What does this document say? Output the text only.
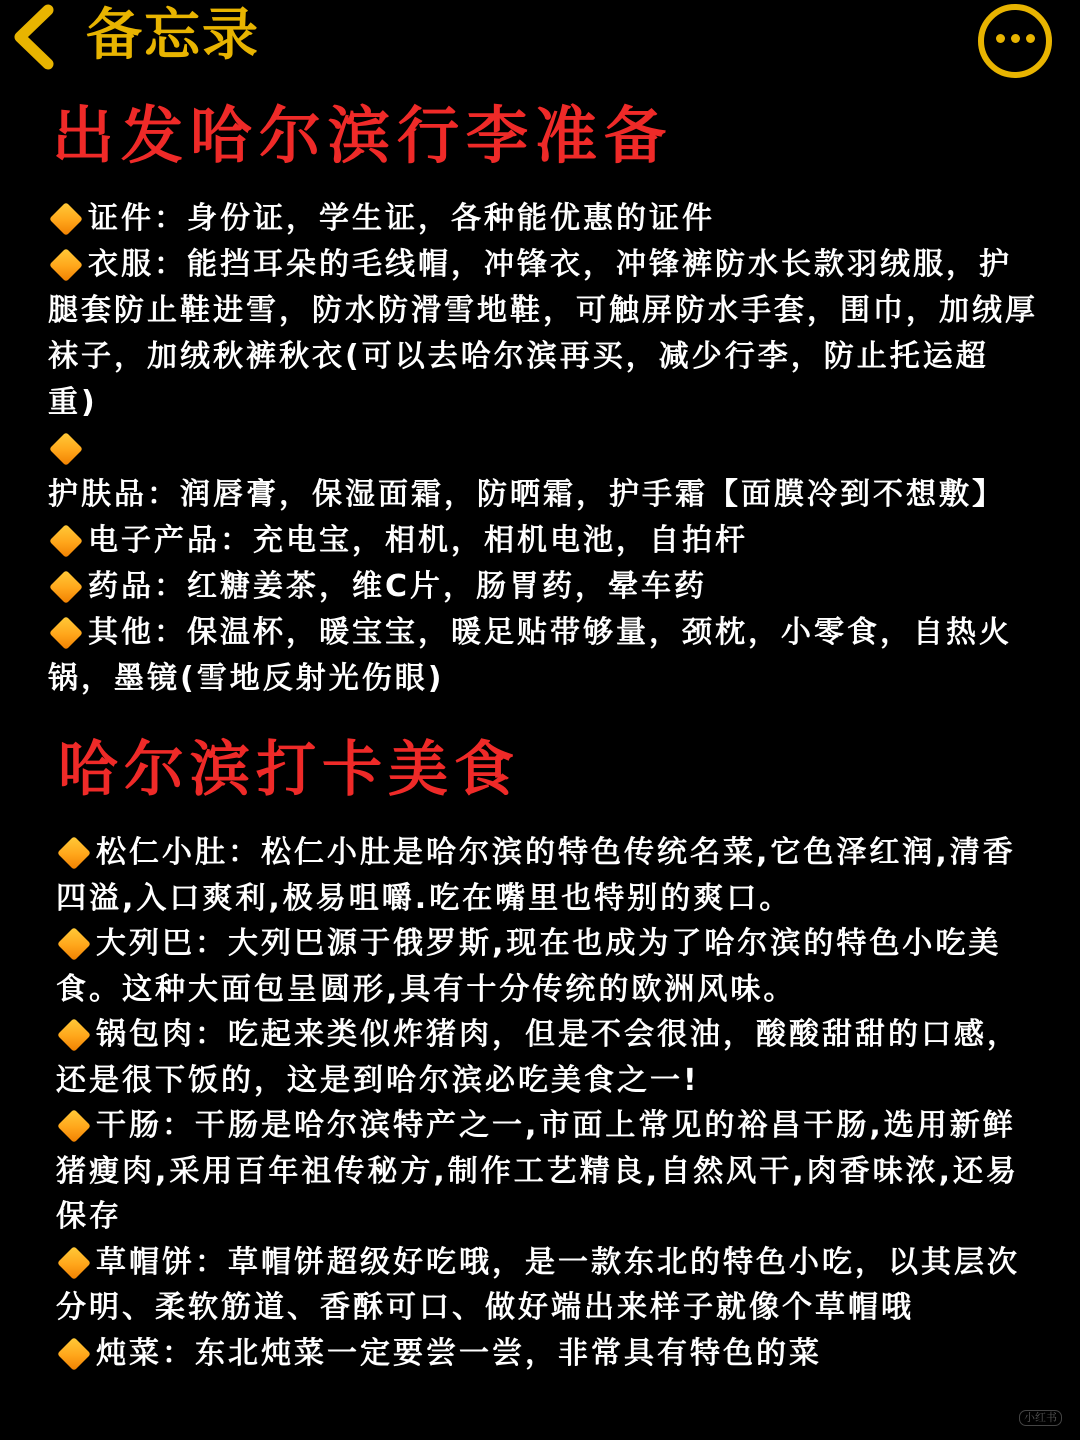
备忘录
出发哈尔滨行李准备
证件：身份证，学生证，各种能优惠的证件
衣服：能挡耳朵的毛线帽，冲锋衣，冲锋裤防水长款羽绒服，护腿套防止鞋进雪，防水防滑雪地鞋，可触屏防水手套，围巾，加绒厚袜子，加绒秋裤秋衣(可以去哈尔滨再买，减少行李，防止托运超重)
护肤品：润唇膏，保湿面霜，防晒霜，护手霜【面膜冷到不想敷】
电子产品：充电宝，相机，相机电池，自拍杆
药品：红糖姜茶，维C片，肠胃药，晕车药
其他：保温杯，暖宝宝，暖足贴带够量，颈枕，小零食，自热火锅，墨镜(雪地反射光伤眼)
哈尔滨打卡美食
松仁小肚：松仁小肚是哈尔滨的特色传统名菜,它色泽红润,清香四溢,入口爽利,极易咀嚼.吃在嘴里也特别的爽口。
大列巴：大列巴源于俄罗斯,现在也成为了哈尔滨的特色小吃美食。这种大面包呈圆形,具有十分传统的欧洲风味。
锅包肉：吃起来类似炸猪肉，但是不会很油，酸酸甜甜的口感，还是很下饭的，这是到哈尔滨必吃美食之一!
干肠：干肠是哈尔滨特产之一,市面上常见的裕昌干肠,选用新鲜猪瘦肉,采用百年祖传秘方,制作工艺精良,自然风干,肉香味浓,还易保存
草帽饼：草帽饼超级好吃哦，是一款东北的特色小吃，以其层次分明、柔软筋道、香酥可口、做好端出来样子就像个草帽哦
炖菜：东北炖菜一定要尝一尝，非常具有特色的菜
小红书
